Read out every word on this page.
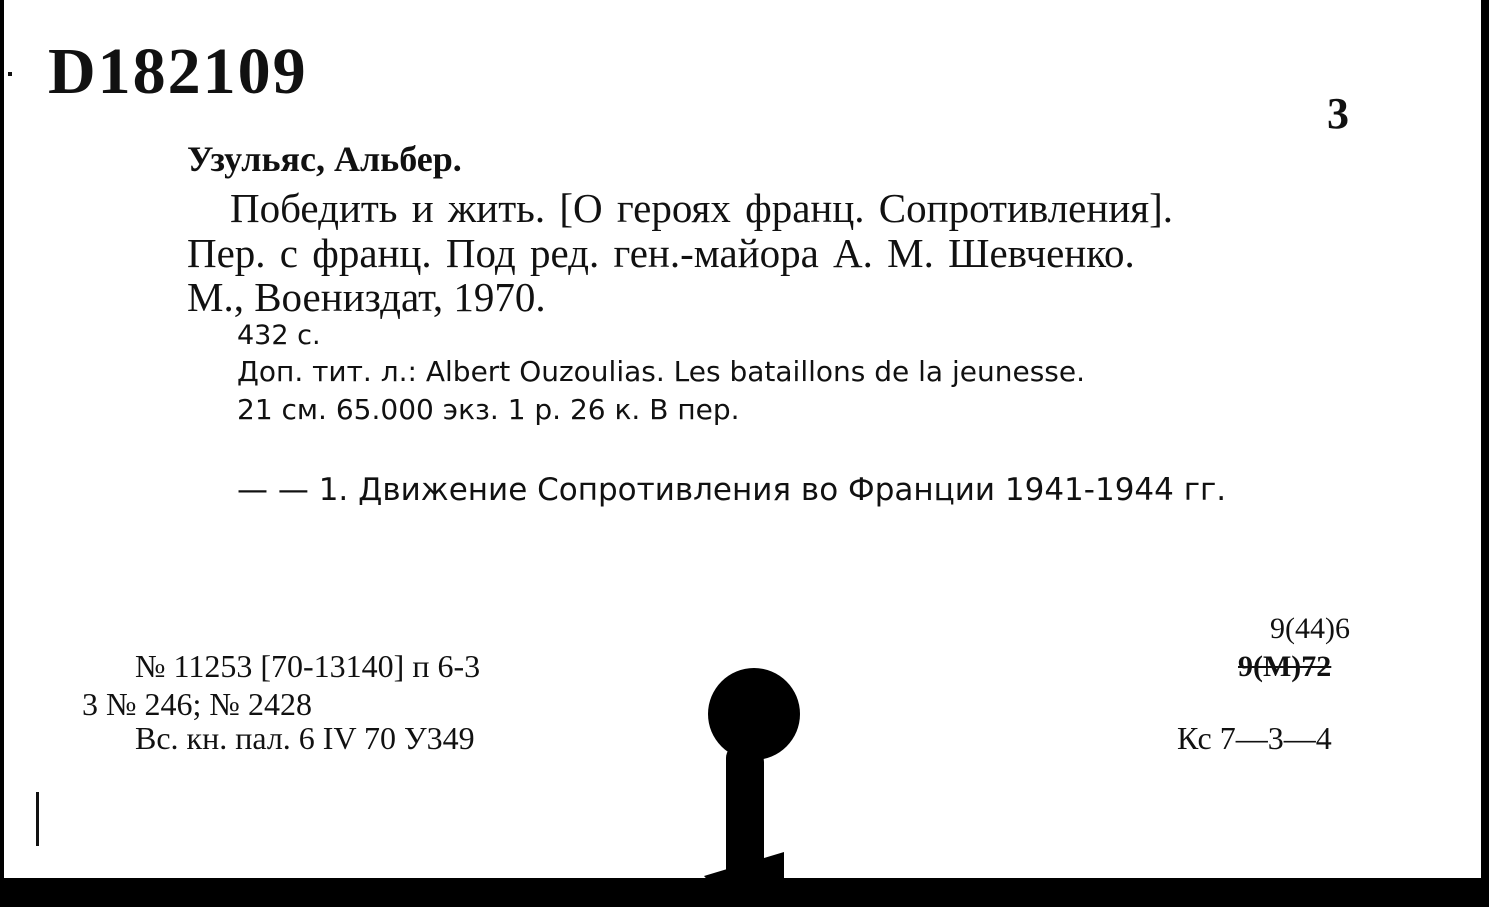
D182109
3
Узульяс, Альбер.
Победить и жить. [О героях франц. Сопротивления].
Пер. с франц. Под ред. ген.-майора А. М. Шевченко.
М., Воениздат, 1970.
432 с.
Доп. тит. л.: Albert Ouzoulias. Les bataillons de la jeunesse.
21 см. 65.000 экз. 1 р. 26 к. В пер.
— — 1. Движение Сопротивления во Франции 1941-1944 гг.
9(44)6
9(М)72
№ 11253 [70-13140] п 6-3
3 № 246; № 2428
Вс. кн. пал. 6 IV 70 У349	Кс 7—3—4
